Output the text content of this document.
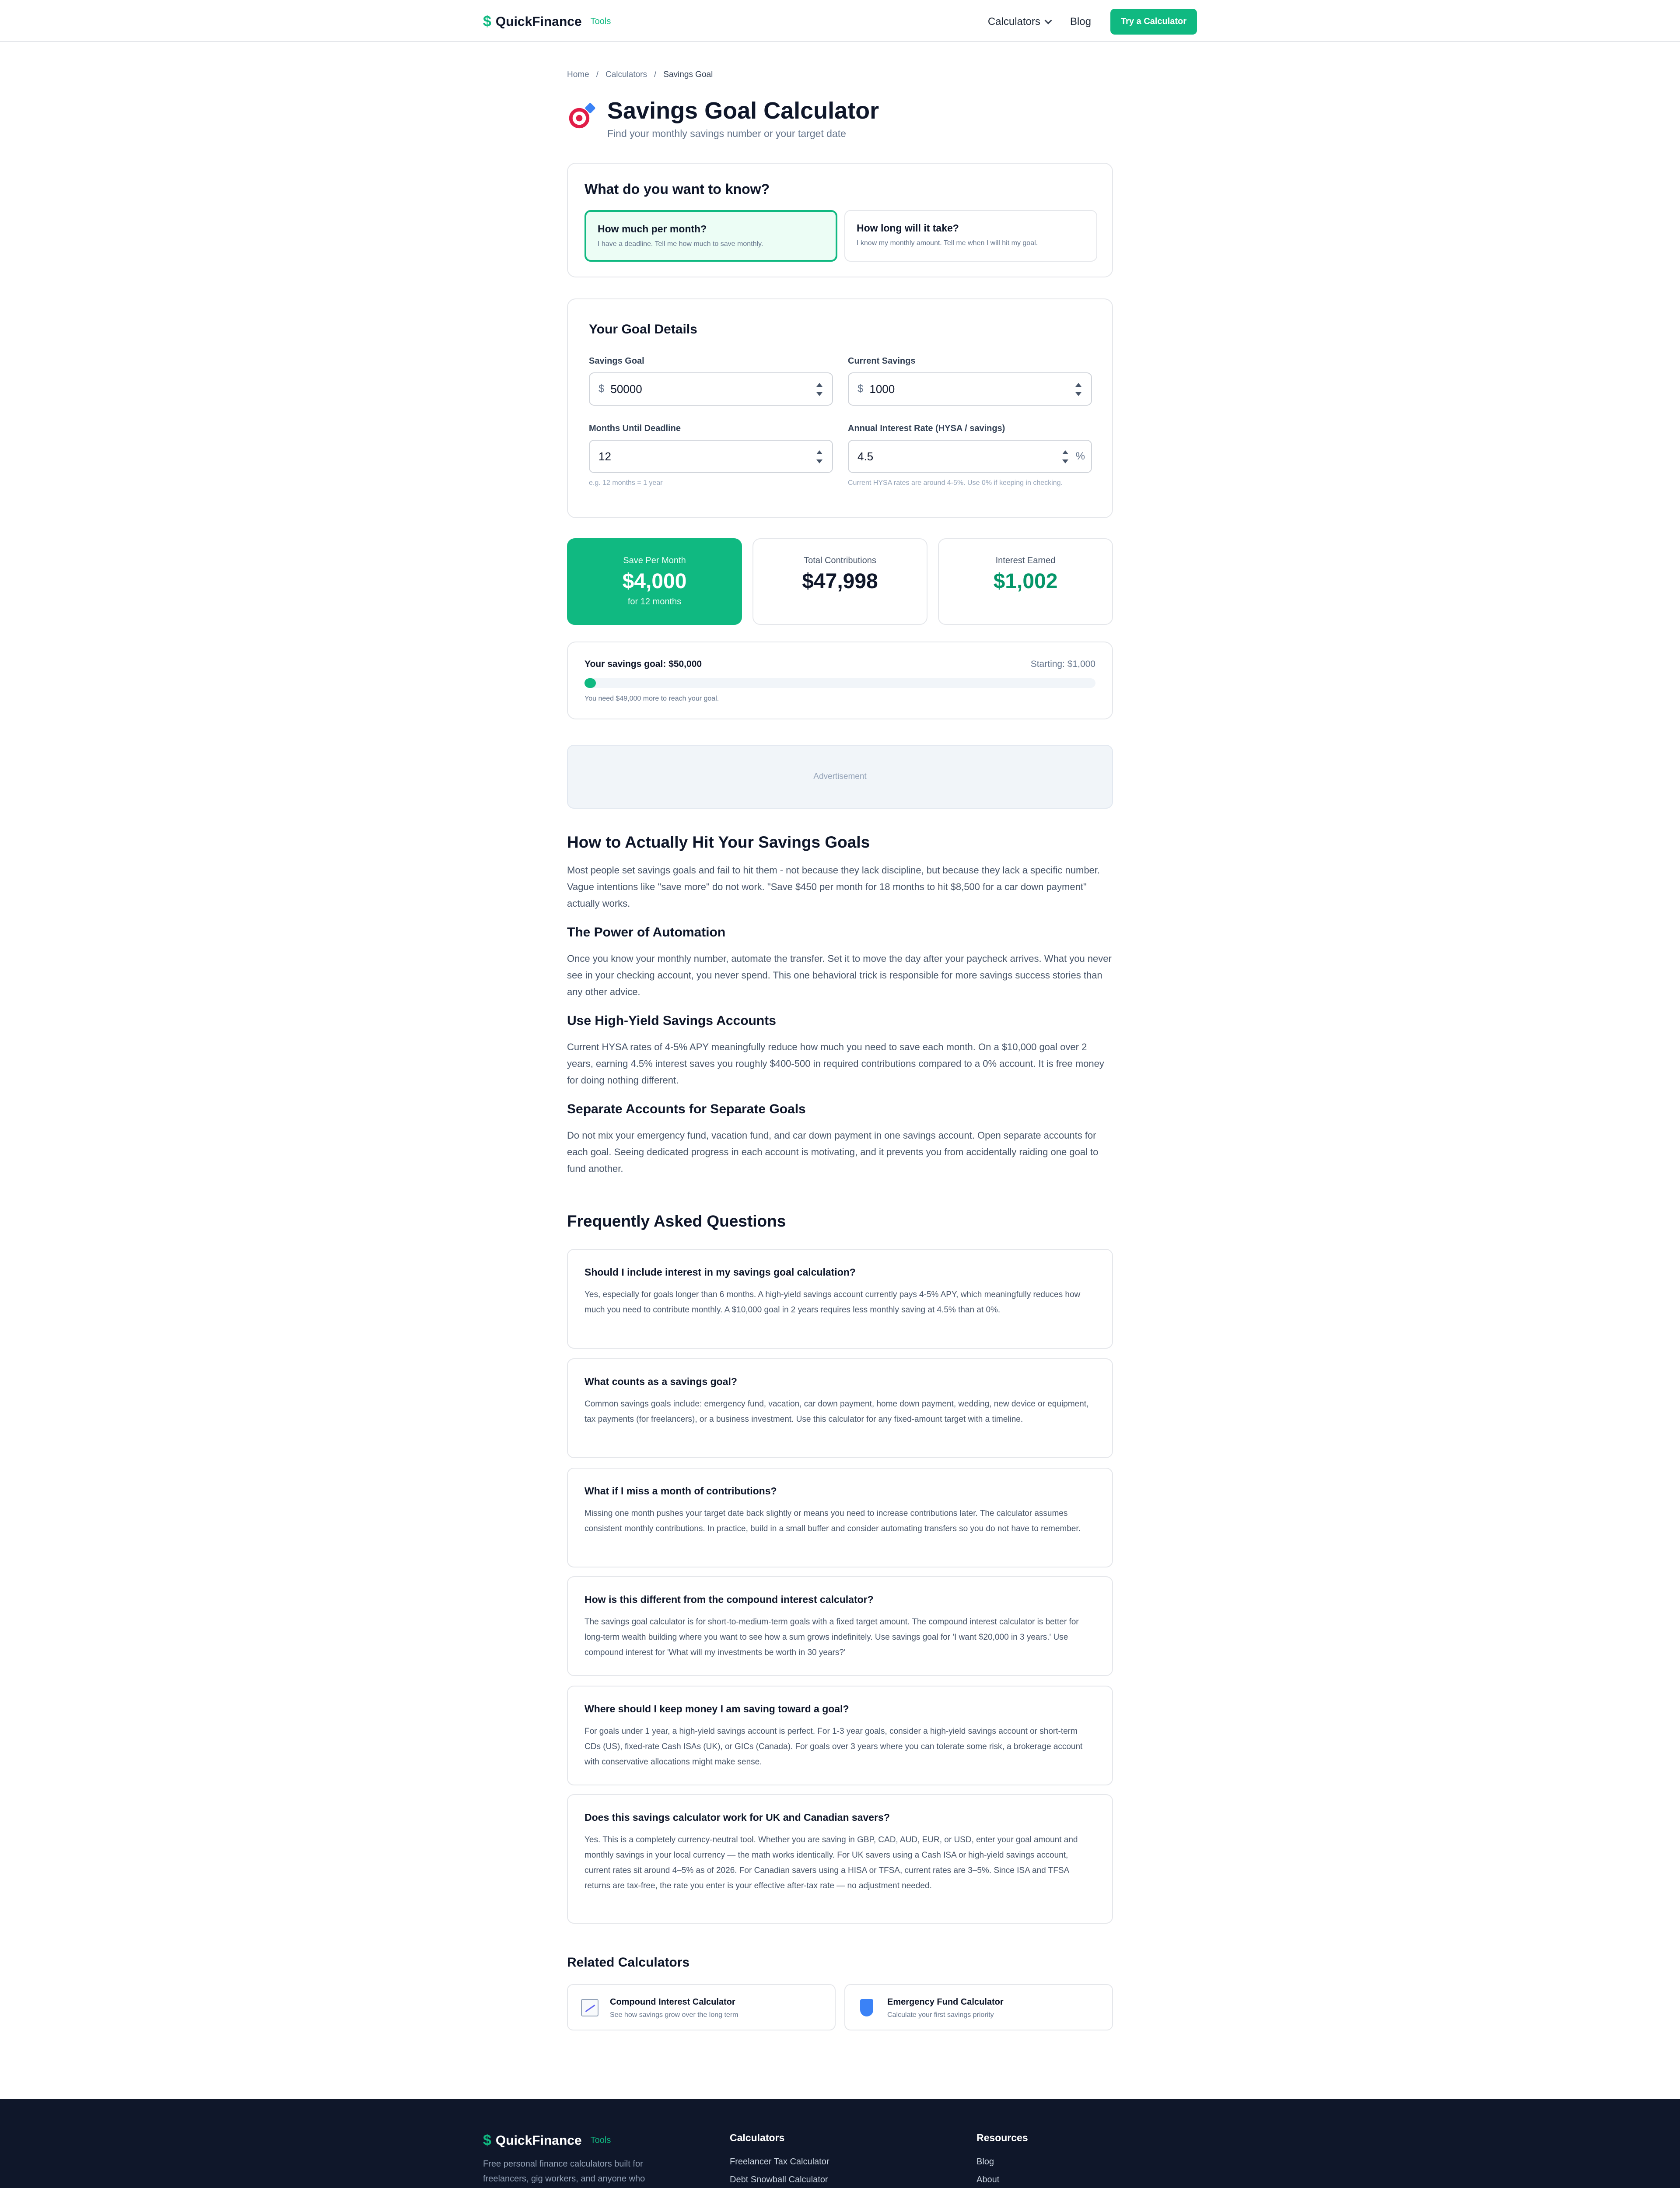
$ QuickFinance Tools	Calculators	Blog	Try a Calculator
Home / Calculators / Savings Goal
Savings Goal Calculator
Find your monthly savings number or your target date
What do you want to know?
How much per month?
I have a deadline. Tell me how much to save monthly.
How long will it take?
I know my monthly amount. Tell me when I will hit my goal.
Your Goal Details
Savings Goal
$ 50000
Current Savings
$ 1000
Months Until Deadline
12
e.g. 12 months = 1 year
Annual Interest Rate (HYSA / savings)
4.5	%
Current HYSA rates are around 4-5%. Use 0% if keeping in checking.
Save Per Month
$4,000
for 12 months
Total Contributions
$47,998
Interest Earned
$1,002
Your savings goal: $50,000	Starting: $1,000
You need $49,000 more to reach your goal.
Advertisement
How to Actually Hit Your Savings Goals

Most people set savings goals and fail to hit them - not because they lack discipline, but because they lack a specific number. Vague intentions like "save more" do not work. "Save $450 per month for 18 months to hit $8,500 for a car down payment" actually works.

The Power of Automation

Once you know your monthly number, automate the transfer. Set it to move the day after your paycheck arrives. What you never see in your checking account, you never spend. This one behavioral trick is responsible for more savings success stories than any other advice.

Use High-Yield Savings Accounts

Current HYSA rates of 4-5% APY meaningfully reduce how much you need to save each month. On a $10,000 goal over 2 years, earning 4.5% interest saves you roughly $400-500 in required contributions compared to a 0% account. It is free money for doing nothing different.

Separate Accounts for Separate Goals

Do not mix your emergency fund, vacation fund, and car down payment in one savings account. Open separate accounts for each goal. Seeing dedicated progress in each account is motivating, and it prevents you from accidentally raiding one goal to fund another.

Frequently Asked Questions
Should I include interest in my savings goal calculation?
Yes, especially for goals longer than 6 months. A high-yield savings account currently pays 4-5% APY, which meaningfully reduces how much you need to contribute monthly. A $10,000 goal in 2 years requires less monthly saving at 4.5% than at 0%.
What counts as a savings goal?
Common savings goals include: emergency fund, vacation, car down payment, home down payment, wedding, new device or equipment, tax payments (for freelancers), or a business investment. Use this calculator for any fixed-amount target with a timeline.
What if I miss a month of contributions?
Missing one month pushes your target date back slightly or means you need to increase contributions later. The calculator assumes consistent monthly contributions. In practice, build in a small buffer and consider automating transfers so you do not have to remember.
How is this different from the compound interest calculator?
The savings goal calculator is for short-to-medium-term goals with a fixed target amount. The compound interest calculator is better for long-term wealth building where you want to see how a sum grows indefinitely. Use savings goal for 'I want $20,000 in 3 years.' Use compound interest for 'What will my investments be worth in 30 years?'
Where should I keep money I am saving toward a goal?
For goals under 1 year, a high-yield savings account is perfect. For 1-3 year goals, consider a high-yield savings account or short-term CDs (US), fixed-rate Cash ISAs (UK), or GICs (Canada). For goals over 3 years where you can tolerate some risk, a brokerage account with conservative allocations might make sense.
Does this savings calculator work for UK and Canadian savers?
Yes. This is a completely currency-neutral tool. Whether you are saving in GBP, CAD, AUD, EUR, or USD, enter your goal amount and monthly savings in your local currency — the math works identically. For UK savers using a Cash ISA or high-yield savings account, current rates sit around 4–5% as of 2026. For Canadian savers using a HISA or TFSA, current rates are 3–5%. Since ISA and TFSA returns are tax-free, the rate you enter is your effective after-tax rate — no adjustment needed.
Related Calculators
Compound Interest Calculator
See how savings grow over the long term
Emergency Fund Calculator
Calculate your first savings priority
$ QuickFinance Tools
Free personal finance calculators built for freelancers, gig workers, and anyone who
Calculators
Freelancer Tax Calculator
Debt Snowball Calculator
Resources
Blog
About
